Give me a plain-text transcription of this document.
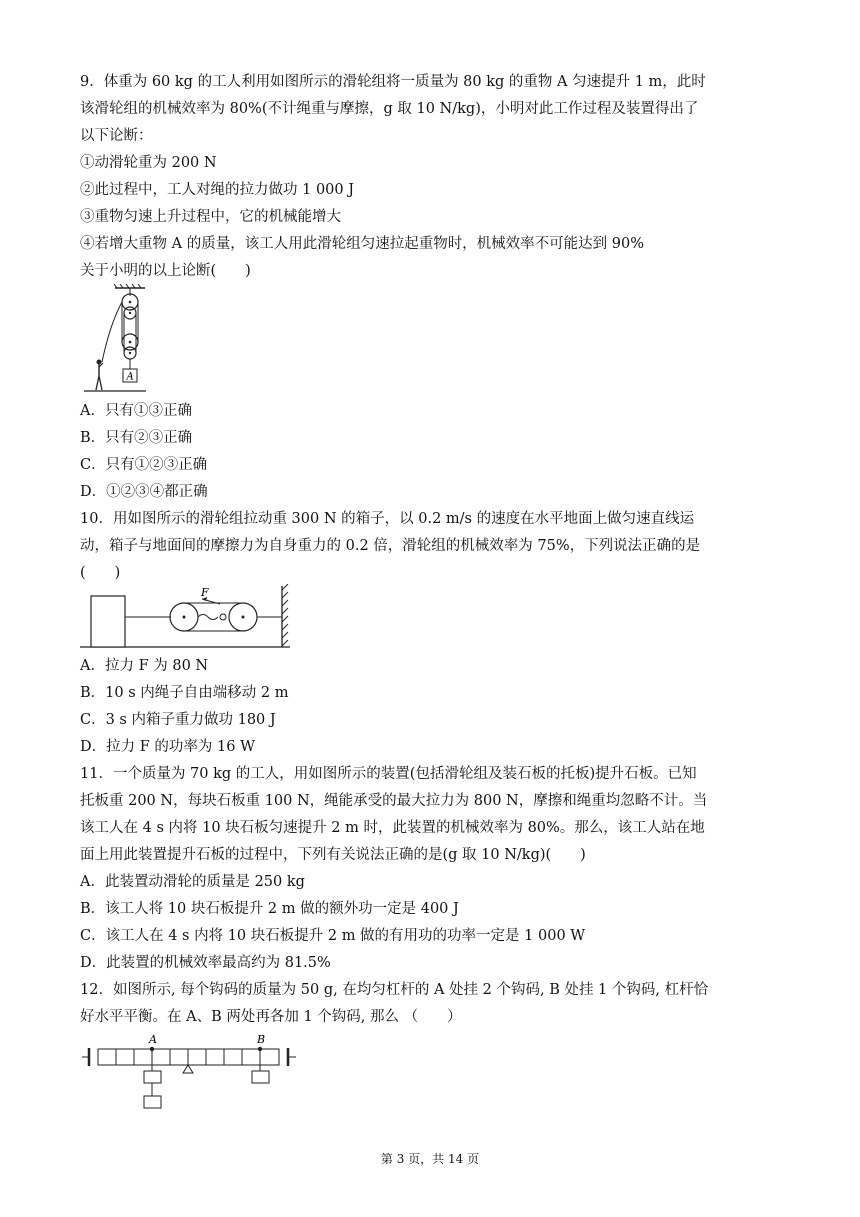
9．体重为 60 kg 的工人利用如图所示的滑轮组将一质量为 80 kg 的重物 A 匀速提升 1 m，此时
该滑轮组的机械效率为 80%(不计绳重与摩擦，g 取 10 N/kg)，小明对此工作过程及装置得出了
以下论断：
①动滑轮重为 200 N
②此过程中，工人对绳的拉力做功 1 000 J
③重物匀速上升过程中，它的机械能增大
④若增大重物 A 的质量，该工人用此滑轮组匀速拉起重物时，机械效率不可能达到 90%
关于小明的以上论断(　　)
A
A．只有①③正确
B．只有②③正确
C．只有①②③正确
D．①②③④都正确
10．用如图所示的滑轮组拉动重 300 N 的箱子，以 0.2 m/s 的速度在水平地面上做匀速直线运
动，箱子与地面间的摩擦力为自身重力的 0.2 倍，滑轮组的机械效率为 75%，下列说法正确的是
(　　)
F
A．拉力 F 为 80 N
B．10 s 内绳子自由端移动 2 m
C．3 s 内箱子重力做功 180 J
D．拉力 F 的功率为 16 W
11．一个质量为 70 kg 的工人，用如图所示的装置(包括滑轮组及装石板的托板)提升石板。已知
托板重 200 N，每块石板重 100 N，绳能承受的最大拉力为 800 N，摩擦和绳重均忽略不计。当
该工人在 4 s 内将 10 块石板匀速提升 2 m 时，此装置的机械效率为 80%。那么，该工人站在地
面上用此装置提升石板的过程中，下列有关说法正确的是(g 取 10 N/kg)(　　)
A．此装置动滑轮的质量是 250 kg
B．该工人将 10 块石板提升 2 m 做的额外功一定是 400 J
C．该工人在 4 s 内将 10 块石板提升 2 m 做的有用功的功率一定是 1 000 W
D．此装置的机械效率最高约为 81.5%
12．如图所示, 每个钩码的质量为 50 g, 在均匀杠杆的 A 处挂 2 个钩码, B 处挂 1 个钩码, 杠杆恰
好水平平衡。在 A、B 两处再各加 1 个钩码, 那么 （　　）
A	B
第 3 页，共 14 页
